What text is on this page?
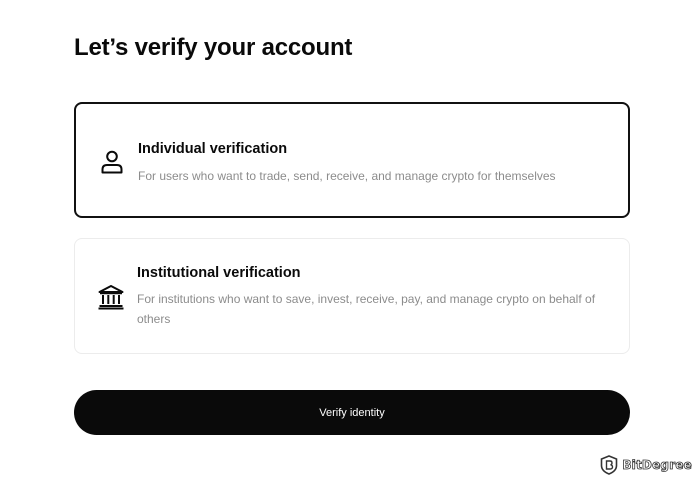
Let’s verify your account
Individual verification
For users who want to trade, send, receive, and manage crypto for themselves
Institutional verification
For institutions who want to save, invest, receive, pay, and manage crypto on behalf of others
Verify identity
BitDegree
